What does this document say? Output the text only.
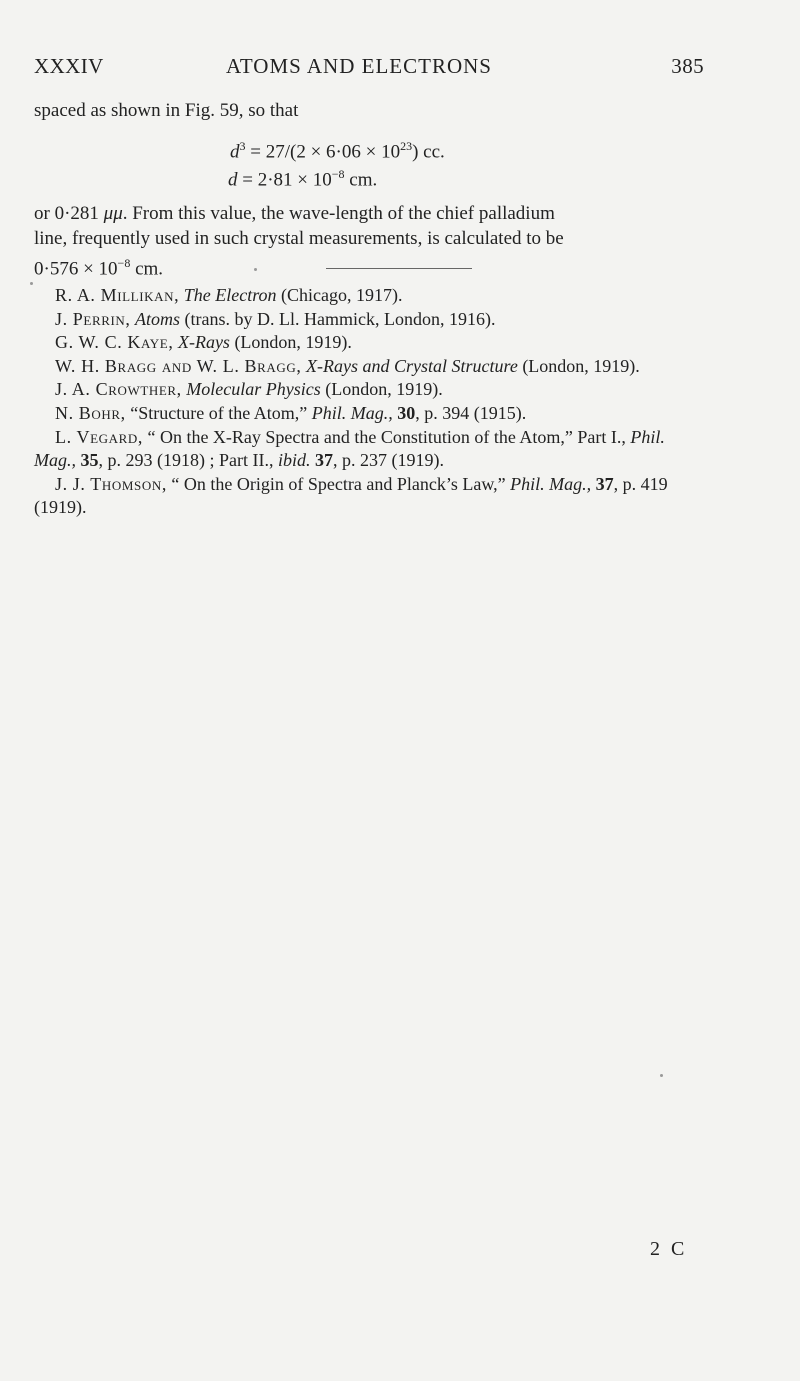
XXXIV	ATOMS AND ELECTRONS	385
spaced as shown in Fig. 59, so that
$d^3 = 27/(2 \times 6\cdot 06 \times 10^{23})$ cc.
$d = 2\cdot 81 \times 10^{-8}$ cm.
or 0·281 μμ. From this value, the wave-length of the chief palladium
line, frequently used in such crystal measurements, is calculated to be
$0\cdot 576 \times 10^{-8}$ cm.

R. A. Millikan, The Electron (Chicago, 1917).

J. Perrin, Atoms (trans. by D. Ll. Hammick, London, 1916).

G. W. C. Kaye, X-Rays (London, 1919).

W. H. Bragg and W. L. Bragg, X-Rays and Crystal Structure (London, 1919).

J. A. Crowther, Molecular Physics (London, 1919).

N. Bohr, “Structure of the Atom,” Phil. Mag., 30, p. 394 (1915).

L. Vegard, “ On the X-Ray Spectra and the Constitution of the Atom,” Part I., Phil. Mag., 35, p. 293 (1918) ; Part II., ibid. 37, p. 237 (1919).

J. J. Thomson, “ On the Origin of Spectra and Planck’s Law,” Phil. Mag., 37, p. 419 (1919).

2 C
